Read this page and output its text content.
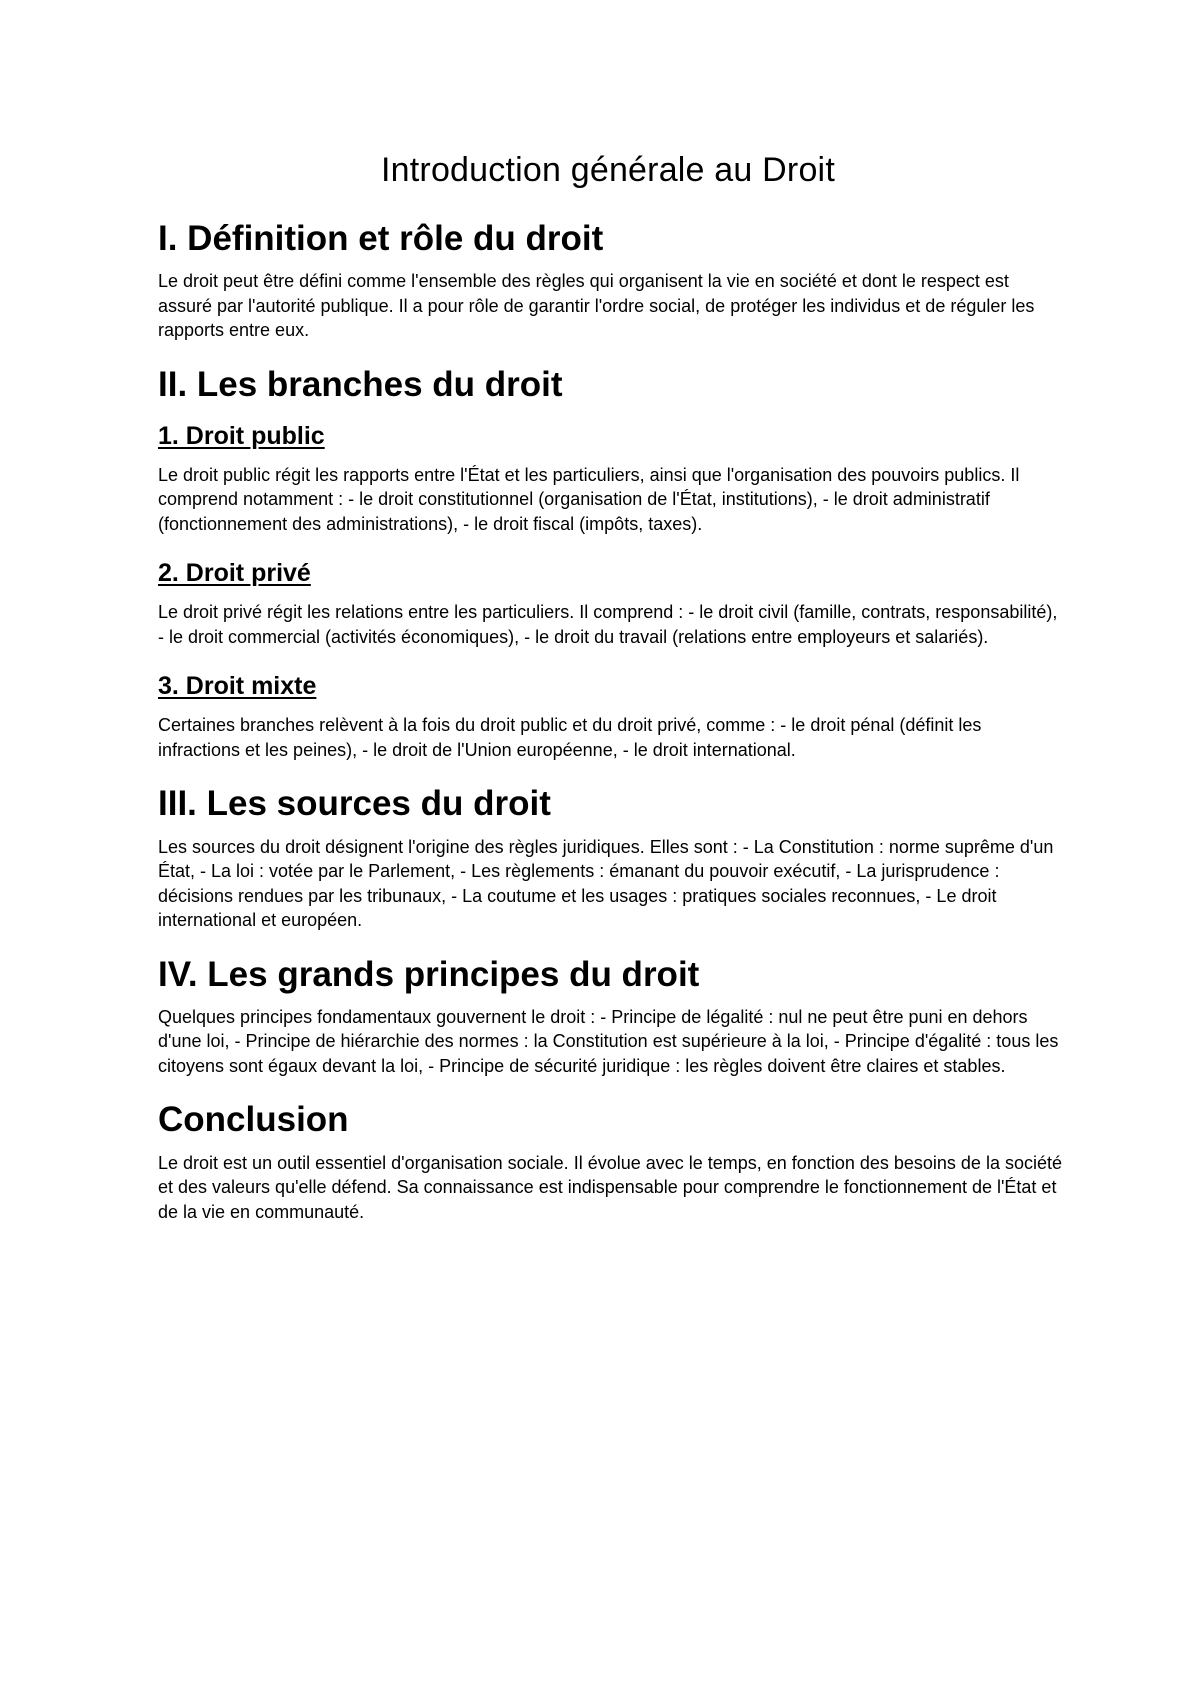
Introduction générale au Droit
I. Définition et rôle du droit

Le droit peut être défini comme l'ensemble des règles qui organisent la vie en société et dont le respect est assuré par l'autorité publique. Il a pour rôle de garantir l'ordre social, de protéger les individus et de réguler les rapports entre eux.

II. Les branches du droit
1. Droit public

Le droit public régit les rapports entre l'État et les particuliers, ainsi que l'organisation des pouvoirs publics. Il comprend notamment : - le droit constitutionnel (organisation de l'État, institutions), - le droit administratif (fonctionnement des administrations), - le droit fiscal (impôts, taxes).

2. Droit privé

Le droit privé régit les relations entre les particuliers. Il comprend : - le droit civil (famille, contrats, responsabilité), - le droit commercial (activités économiques), - le droit du travail (relations entre employeurs et salariés).

3. Droit mixte

Certaines branches relèvent à la fois du droit public et du droit privé, comme : - le droit pénal (définit les infractions et les peines), - le droit de l'Union européenne, - le droit international.

III. Les sources du droit

Les sources du droit désignent l'origine des règles juridiques. Elles sont : - La Constitution : norme suprême d'un État, - La loi : votée par le Parlement, - Les règlements : émanant du pouvoir exécutif, - La jurisprudence : décisions rendues par les tribunaux, - La coutume et les usages : pratiques sociales reconnues, - Le droit international et européen.

IV. Les grands principes du droit

Quelques principes fondamentaux gouvernent le droit : - Principe de légalité : nul ne peut être puni en dehors d'une loi, - Principe de hiérarchie des normes : la Constitution est supérieure à la loi, - Principe d'égalité : tous les citoyens sont égaux devant la loi, - Principe de sécurité juridique : les règles doivent être claires et stables.

Conclusion

Le droit est un outil essentiel d'organisation sociale. Il évolue avec le temps, en fonction des besoins de la société et des valeurs qu'elle défend. Sa connaissance est indispensable pour comprendre le fonctionnement de l'État et de la vie en communauté.
